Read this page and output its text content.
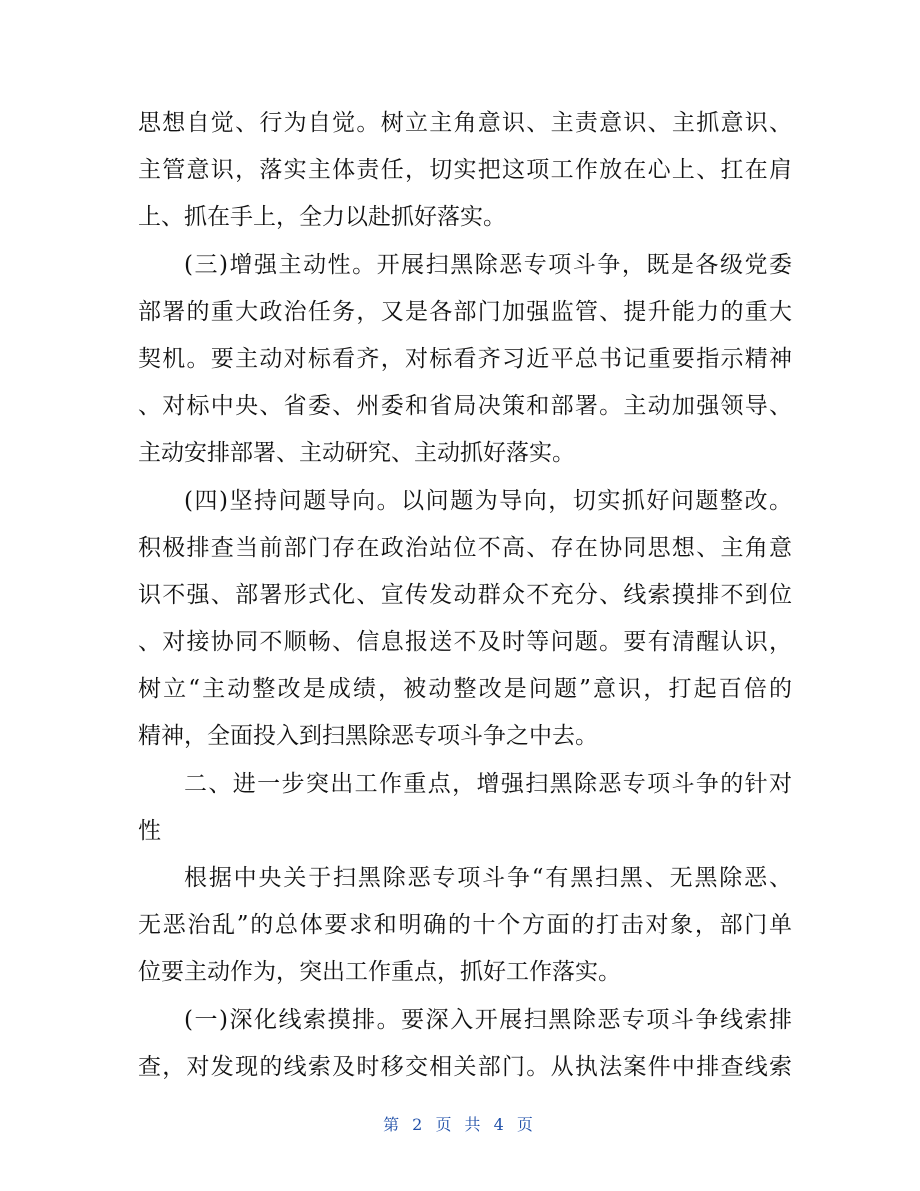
思想自觉、行为自觉。树立主角意识、主责意识、主抓意识、
主管意识，落实主体责任，切实把这项工作放在心上、扛在肩
上、抓在手上，全力以赴抓好落实。
(三)增强主动性。开展扫黑除恶专项斗争，既是各级党委
部署的重大政治任务，又是各部门加强监管、提升能力的重大
契机。要主动对标看齐，对标看齐习近平总书记重要指示精神
、对标中央、省委、州委和省局决策和部署。主动加强领导、
主动安排部署、主动研究、主动抓好落实。
(四)坚持问题导向。以问题为导向，切实抓好问题整改。
积极排查当前部门存在政治站位不高、存在协同思想、主角意
识不强、部署形式化、宣传发动群众不充分、线索摸排不到位
、对接协同不顺畅、信息报送不及时等问题。要有清醒认识，
树立“主动整改是成绩，被动整改是问题”意识，打起百倍的
精神，全面投入到扫黑除恶专项斗争之中去。
二、进一步突出工作重点，增强扫黑除恶专项斗争的针对
性
根据中央关于扫黑除恶专项斗争“有黑扫黑、无黑除恶、
无恶治乱”的总体要求和明确的十个方面的打击对象，部门单
位要主动作为，突出工作重点，抓好工作落实。
(一)深化线索摸排。要深入开展扫黑除恶专项斗争线索排
查，对发现的线索及时移交相关部门。从执法案件中排查线索
第 2 页 共 4 页
